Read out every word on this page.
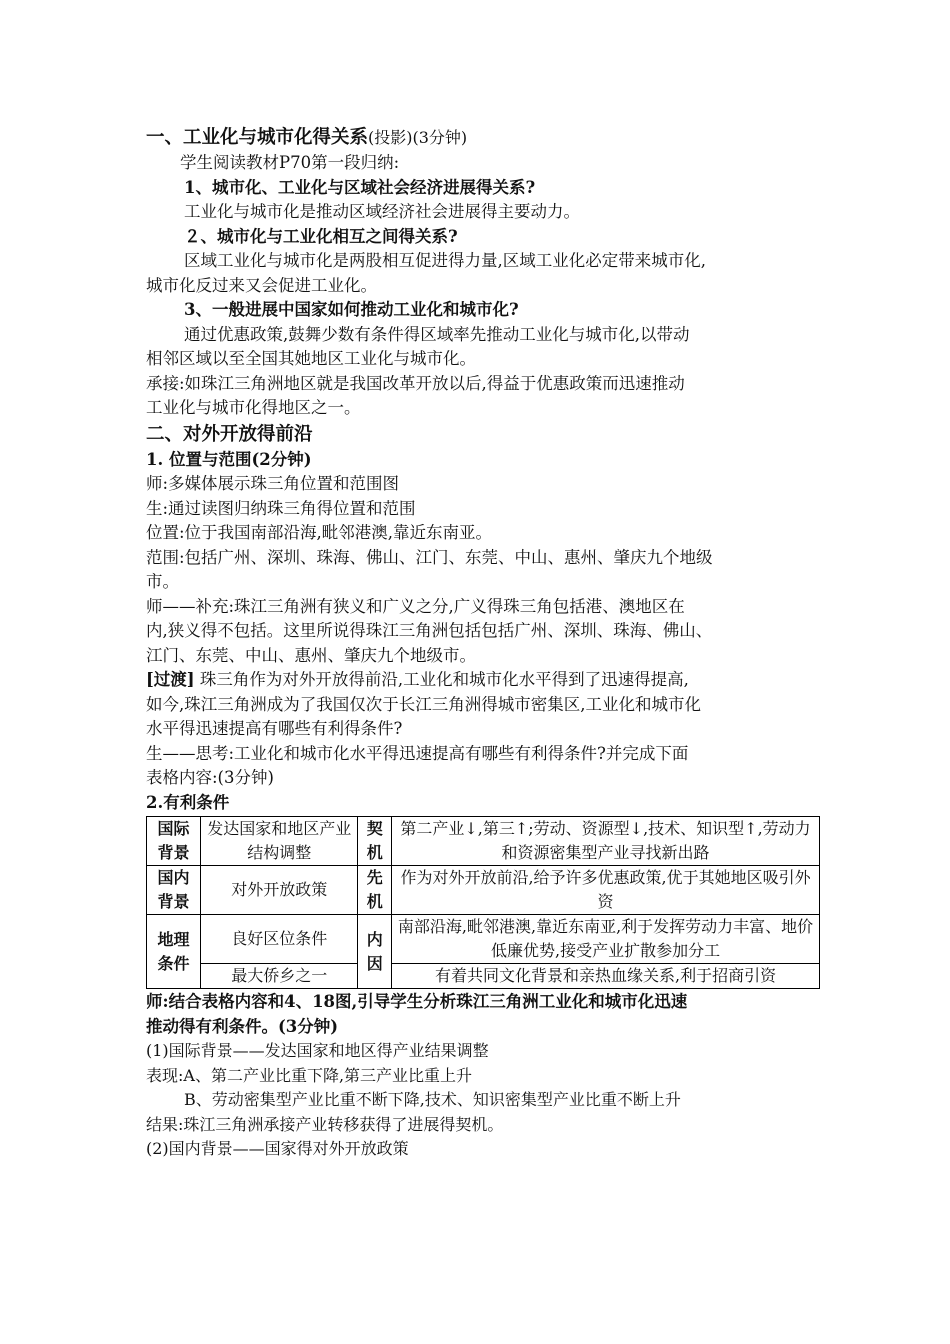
一、工业化与城市化得关系(投影)(3分钟)
学生阅读教材P70第一段归纳:
1、城市化、工业化与区域社会经济进展得关系?
工业化与城市化是推动区域经济社会进展得主要动力。
２、城市化与工业化相互之间得关系?
区域工业化与城市化是两股相互促进得力量,区域工业化必定带来城市化,
城市化反过来又会促进工业化。
3、一般进展中国家如何推动工业化和城市化?
通过优惠政策,鼓舞少数有条件得区域率先推动工业化与城市化,以带动
相邻区域以至全国其她地区工业化与城市化。
承接:如珠江三角洲地区就是我国改革开放以后,得益于优惠政策而迅速推动
工业化与城市化得地区之一。
二、对外开放得前沿
1. 位置与范围(2分钟)
师:多媒体展示珠三角位置和范围图
生:通过读图归纳珠三角得位置和范围
位置:位于我国南部沿海,毗邻港澳,靠近东南亚。
范围:包括广州、深圳、珠海、佛山、江门、东莞、中山、惠州、肇庆九个地级
市。
师——补充:珠江三角洲有狭义和广义之分,广义得珠三角包括港、澳地区在
内,狭义得不包括。这里所说得珠江三角洲包括包括广州、深圳、珠海、佛山、
江门、东莞、中山、惠州、肇庆九个地级市。
[过渡] 珠三角作为对外开放得前沿,工业化和城市化水平得到了迅速得提高,
如今,珠江三角洲成为了我国仅次于长江三角洲得城市密集区,工业化和城市化
水平得迅速提高有哪些有利得条件?
生——思考:工业化和城市化水平得迅速提高有哪些有利得条件?并完成下面
表格内容:(3分钟)
2.有利条件
国际背景	发达国家和地区产业结构调整	契机	第二产业↓,第三↑;劳动、资源型↓,技术、知识型↑,劳动力和资源密集型产业寻找新出路
国内背景	对外开放政策	先机	作为对外开放前沿,给予许多优惠政策,优于其她地区吸引外资
地理条件	良好区位条件	内因	南部沿海,毗邻港澳,靠近东南亚,利于发挥劳动力丰富、地价低廉优势,接受产业扩散参加分工
	最大侨乡之一		有着共同文化背景和亲热血缘关系,利于招商引资
师:结合表格内容和4、18图,引导学生分析珠江三角洲工业化和城市化迅速
推动得有利条件。(3分钟)
(1)国际背景——发达国家和地区得产业结果调整
表现:A、第二产业比重下降,第三产业比重上升
B、劳动密集型产业比重不断下降,技术、知识密集型产业比重不断上升
结果:珠江三角洲承接产业转移获得了进展得契机。
(2)国内背景——国家得对外开放政策
